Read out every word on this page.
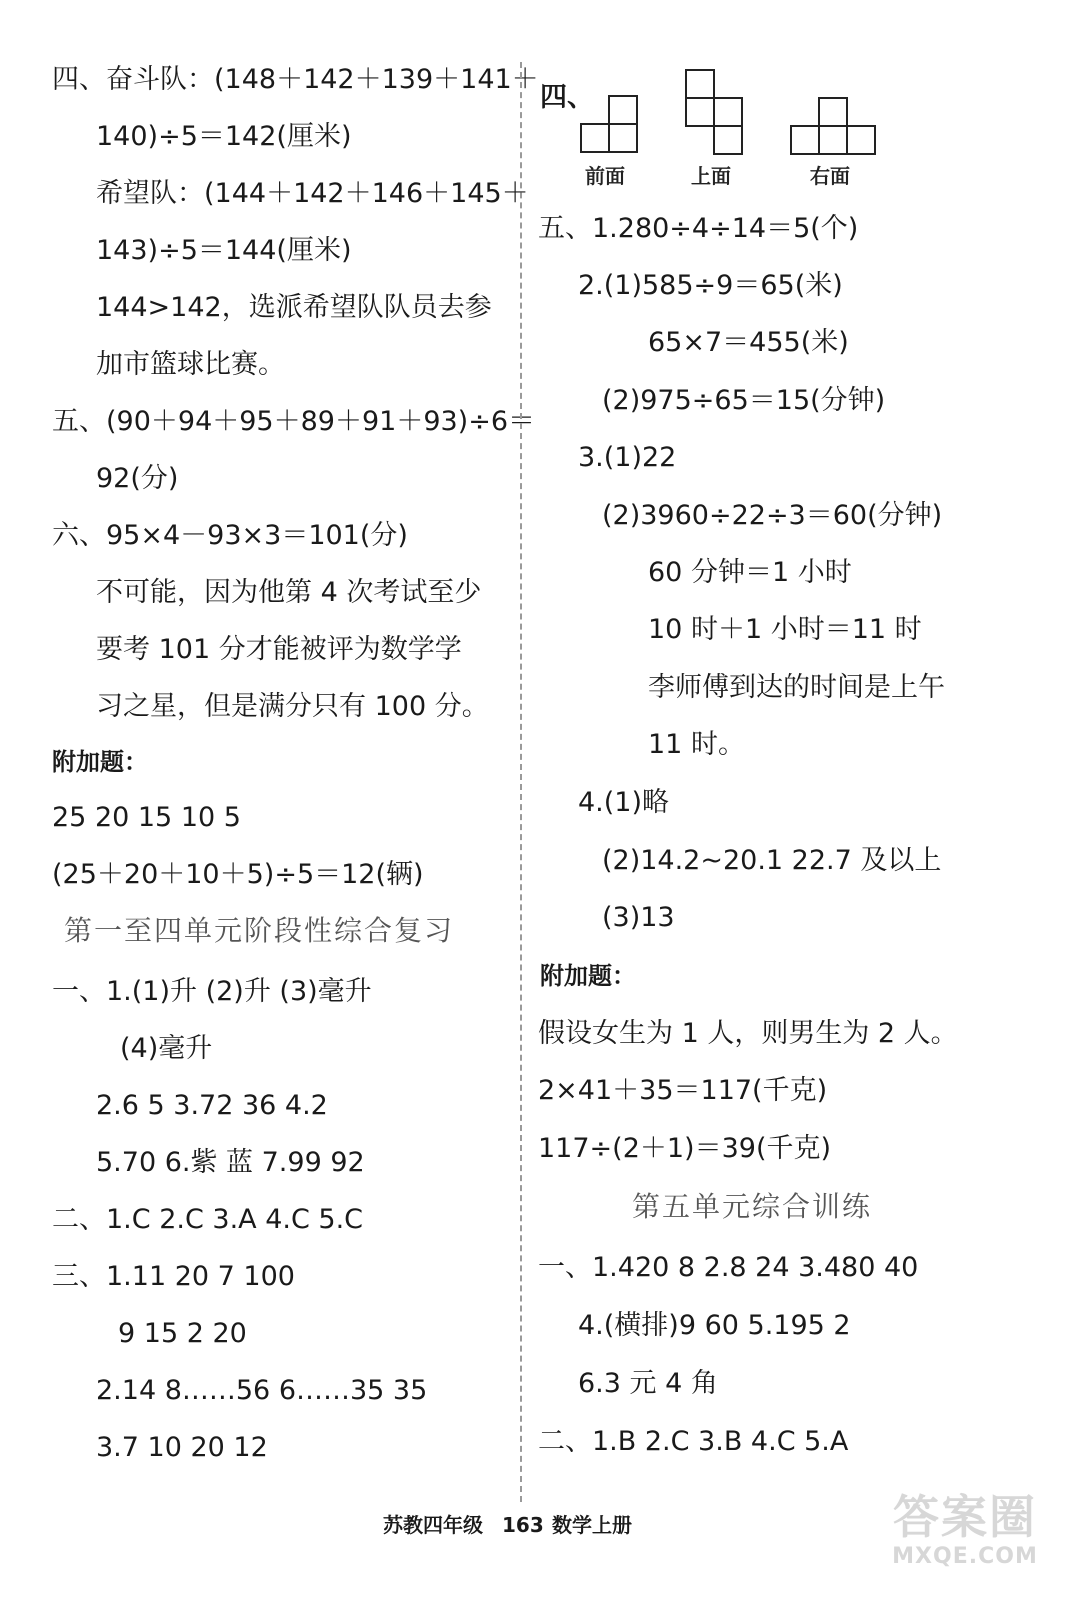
四、奋斗队：(148＋142＋139＋141＋
140)÷5＝142(厘米)
希望队：(144＋142＋146＋145＋
143)÷5＝144(厘米)
144>142，选派希望队队员去参
加市篮球比赛。
五、(90＋94＋95＋89＋91＋93)÷6＝
92(分)
六、95×4－93×3＝101(分)
不可能，因为他第 4 次考试至少
要考 101 分才能被评为数学学
习之星，但是满分只有 100 分。
附加题：
25 20 15 10 5
(25＋20＋10＋5)÷5＝12(辆)
第一至四单元阶段性综合复习
一、1.(1)升 (2)升 (3)毫升
(4)毫升
2.6 5 3.72 36 4.2
5.70 6.紫 蓝 7.99 92
二、1.C 2.C 3.A 4.C 5.C
三、1.11 20 7 100
9 15 2 20
2.14 8……56 6……35 35
3.7 10 20 12
四、
前面	上面	右面
五、1.280÷4÷14＝5(个)
2.(1)585÷9＝65(米)
65×7＝455(米)
(2)975÷65＝15(分钟)
3.(1)22
(2)3960÷22÷3＝60(分钟)
60 分钟＝1 小时
10 时＋1 小时＝11 时
李师傅到达的时间是上午
11 时。
4.(1)略
(2)14.2~20.1 22.7 及以上
(3)13
附加题：
假设女生为 1 人，则男生为 2 人。
2×41＋35＝117(千克)
117÷(2＋1)＝39(千克)
第五单元综合训练
一、1.420 8 2.8 24 3.480 40
4.(横排)9 60 5.195 2
6.3 元 4 角
二、1.B 2.C 3.B 4.C 5.A
苏教四年级 163 数学上册	答案圈
MXQE.COM
